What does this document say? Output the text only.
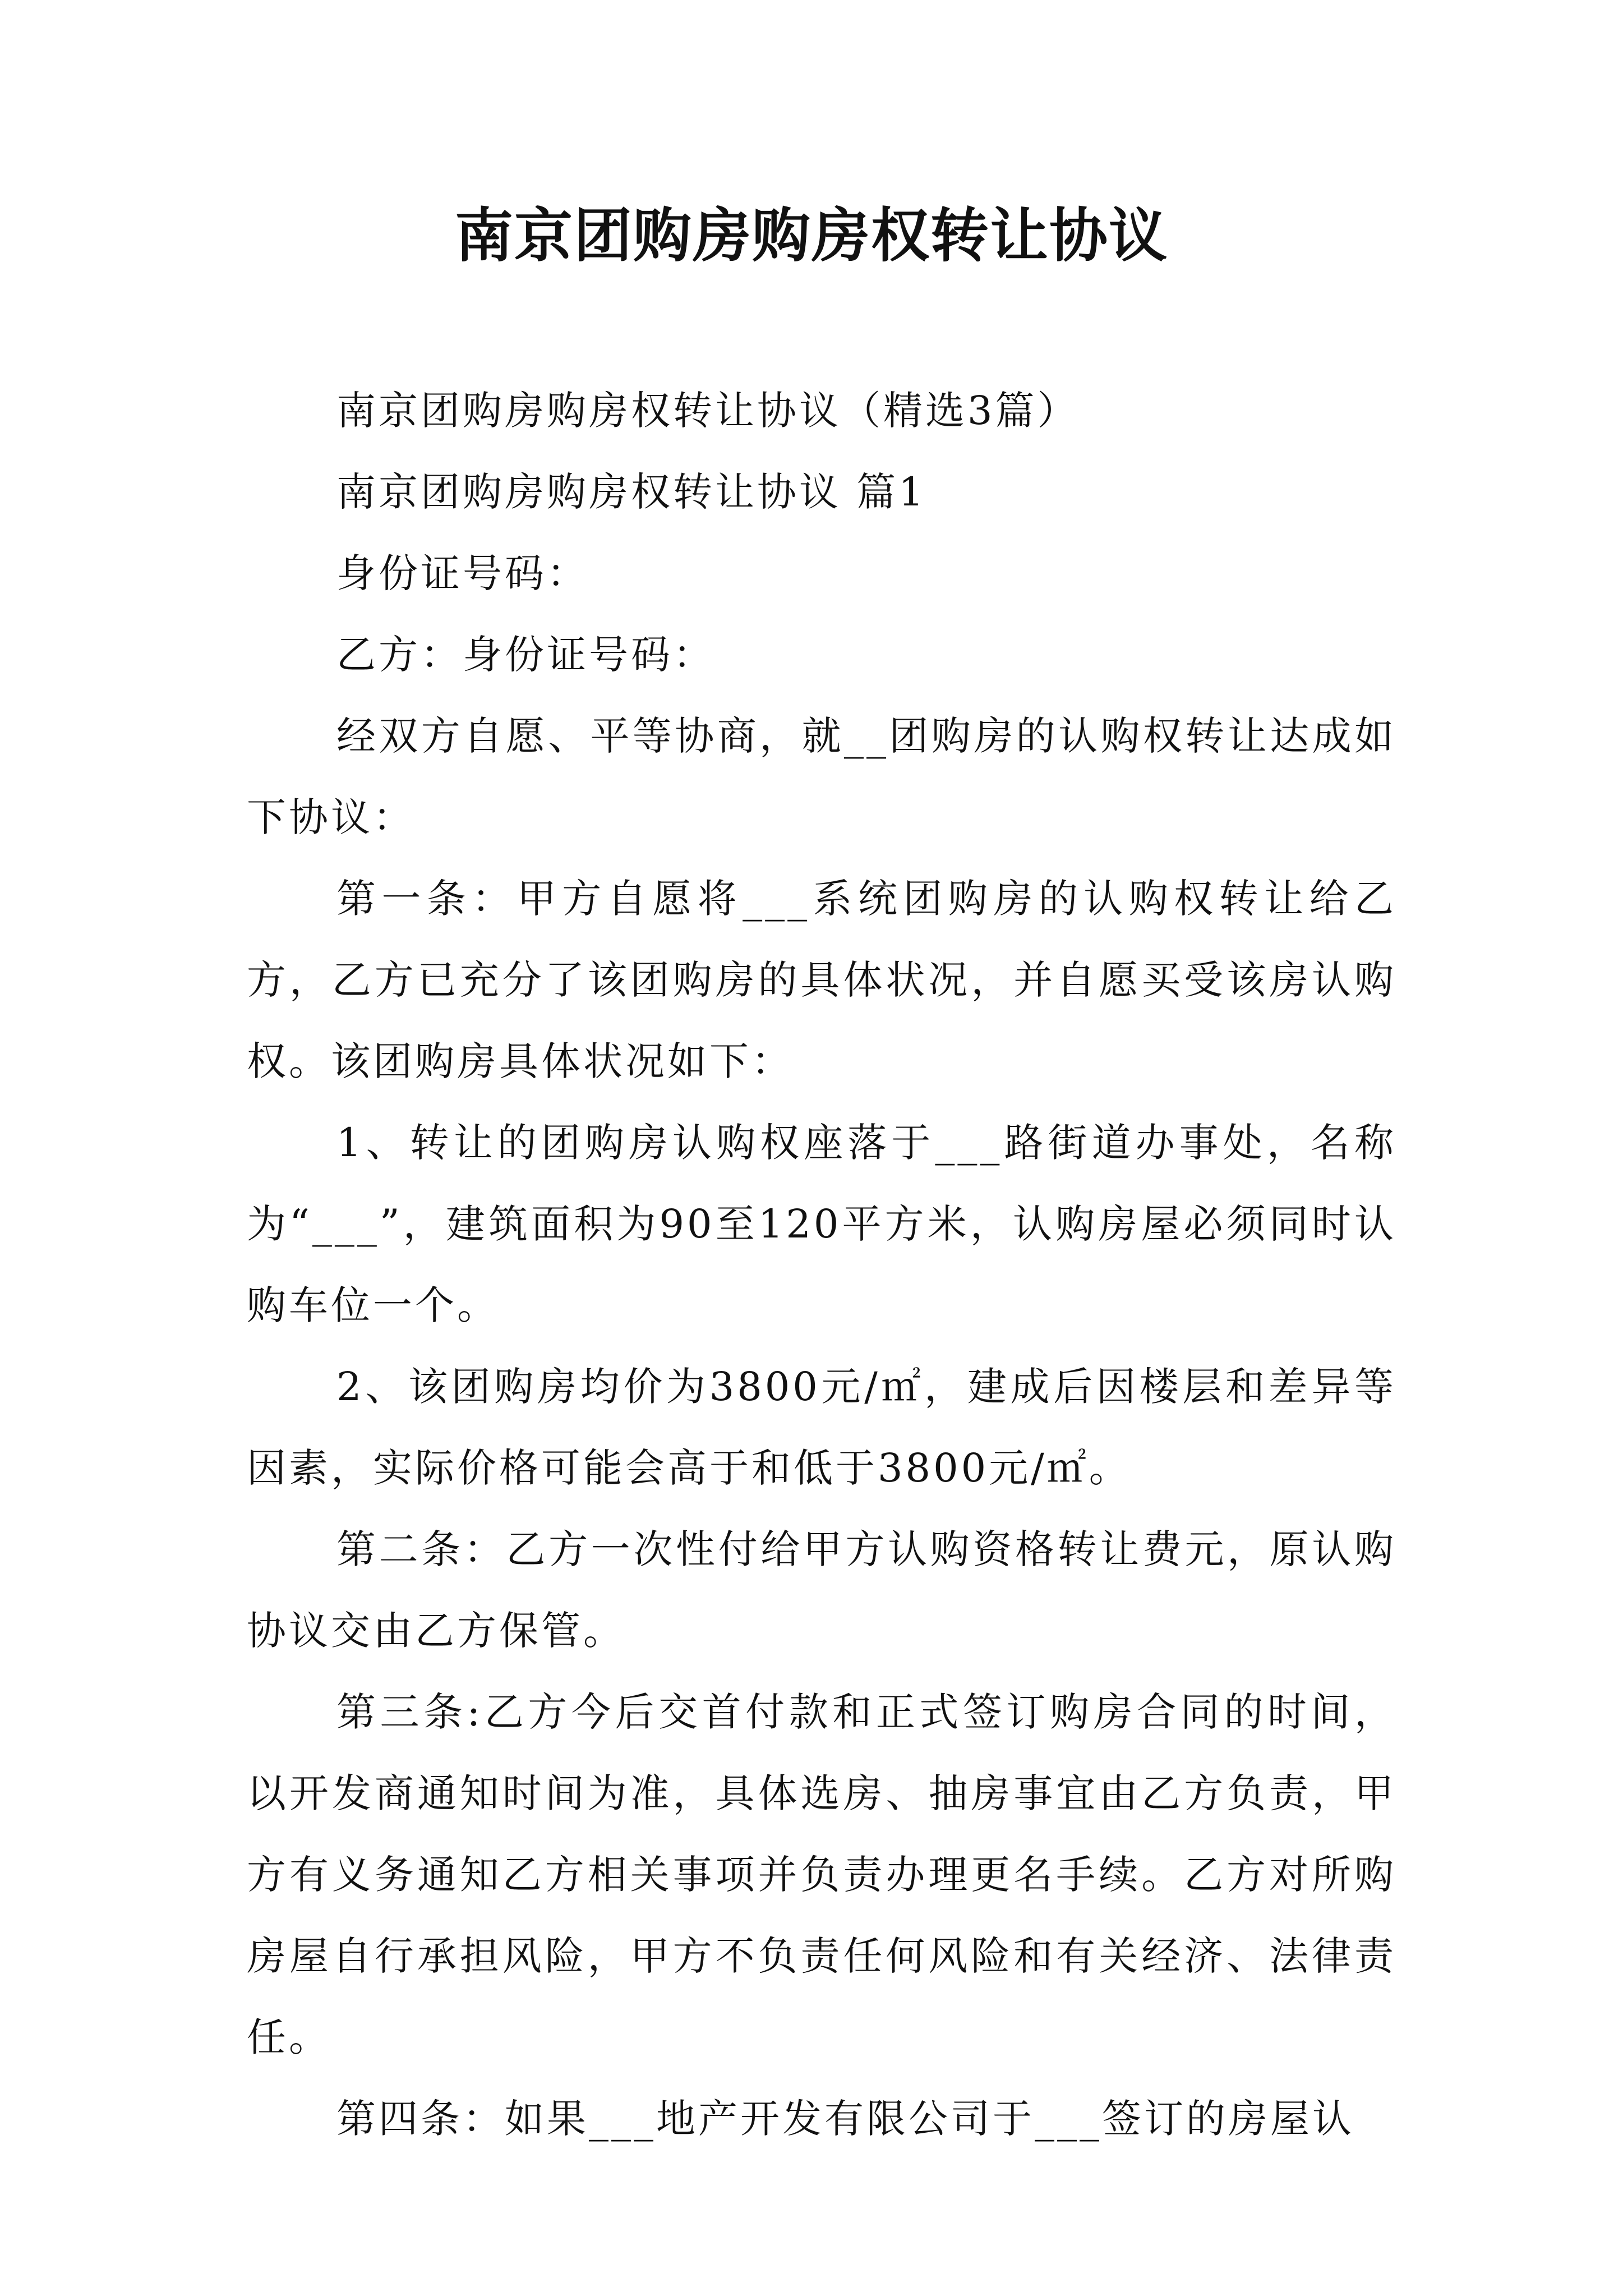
南京团购房购房权转让协议

南京团购房购房权转让协议（精选3篇）

南京团购房购房权转让协议 篇1

身份证号码：

乙方：身份证号码：

经双方自愿、平等协商，就__团购房的认购权转让达成如下协议：

第一条：甲方自愿将___系统团购房的认购权转让给乙方，乙方已充分了该团购房的具体状况，并自愿买受该房认购权。该团购房具体状况如下：

1、转让的团购房认购权座落于___路街道办事处，名称为“___”，建筑面积为90至120平方米，认购房屋必须同时认购车位一个。

2、该团购房均价为3800元/㎡，建成后因楼层和差异等因素，实际价格可能会高于和低于3800元/㎡。

第二条：乙方一次性付给甲方认购资格转让费元，原认购协议交由乙方保管。

第三条:乙方今后交首付款和正式签订购房合同的时间，以开发商通知时间为准，具体选房、抽房事宜由乙方负责，甲方有义务通知乙方相关事项并负责办理更名手续。乙方对所购房屋自行承担风险，甲方不负责任何风险和有关经济、法律责任。

第四条：如果___地产开发有限公司于___签订的房屋认
